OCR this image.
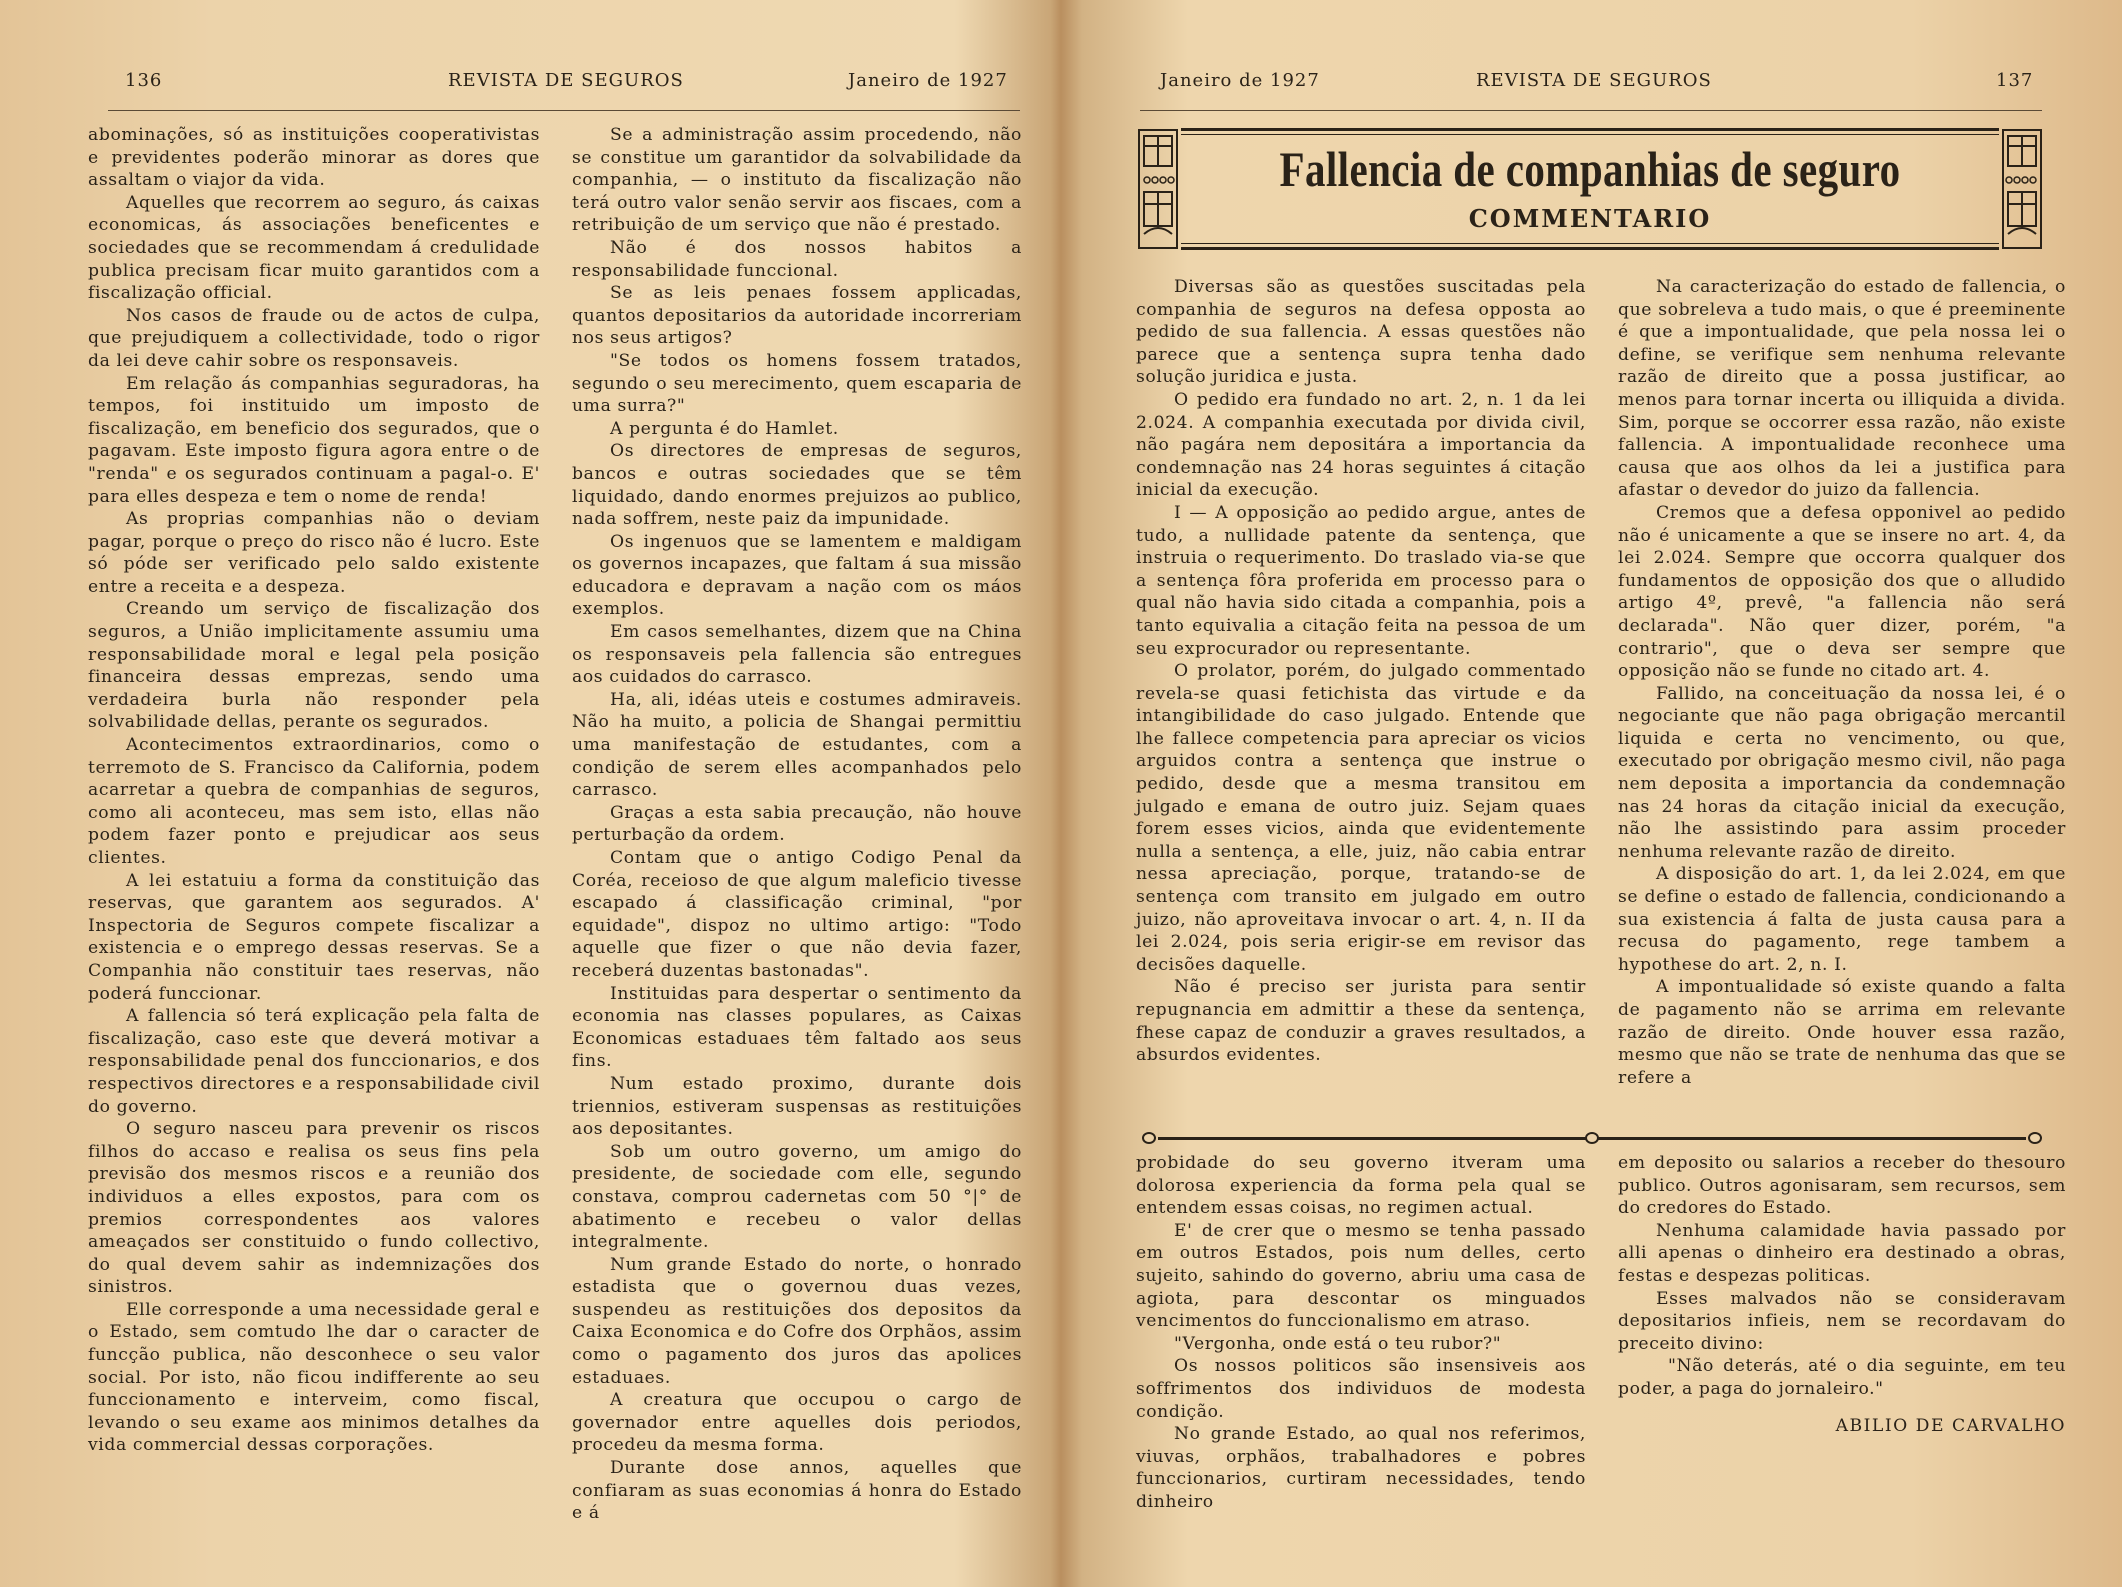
136	REVISTA DE SEGUROS	Janeiro de 1927

abominações, só as instituições cooperativistas e previdentes poderão minorar as dores que assaltam o viajor da vida.

Aquelles que recorrem ao seguro, ás caixas economicas, ás associações beneficentes e sociedades que se recommendam á credulidade publica precisam ficar muito garantidos com a fiscalização official.

Nos casos de fraude ou de actos de culpa, que prejudiquem a collectividade, todo o rigor da lei deve cahir sobre os responsaveis.

Em relação ás companhias seguradoras, ha tempos, foi instituido um imposto de fiscalização, em beneficio dos segurados, que o pagavam. Este imposto figura agora entre o de "renda" e os segurados continuam a pagal-o. E' para elles despeza e tem o nome de renda!

As proprias companhias não o deviam pagar, porque o preço do risco não é lucro. Este só póde ser verificado pelo saldo existente entre a receita e a despeza.

Creando um serviço de fiscalização dos seguros, a União implicitamente assumiu uma responsabilidade moral e legal pela posição financeira dessas emprezas, sendo uma verdadeira burla não responder pela solvabilidade dellas, perante os segurados.

Acontecimentos extraordinarios, como o terremoto de S. Francisco da California, podem acarretar a quebra de companhias de seguros, como ali aconteceu, mas sem isto, ellas não podem fazer ponto e prejudicar aos seus clientes.

A lei estatuiu a forma da constituição das reservas, que garantem aos segurados. A' Inspectoria de Seguros compete fiscalizar a existencia e o emprego dessas reservas. Se a Companhia não constituir taes reservas, não poderá funccionar.

A fallencia só terá explicação pela falta de fiscalização, caso este que deverá motivar a responsabilidade penal dos funccionarios, e dos respectivos directores e a responsabilidade civil do governo.

O seguro nasceu para prevenir os riscos filhos do accaso e realisa os seus fins pela previsão dos mesmos riscos e a reunião dos individuos a elles expostos, para com os premios correspondentes aos valores ameaçados ser constituido o fundo collectivo, do qual devem sahir as indemnizações dos sinistros.

Elle corresponde a uma necessidade geral e o Estado, sem comtudo lhe dar o caracter de funcção publica, não desconhece o seu valor social. Por isto, não ficou indifferente ao seu funccionamento e interveim, como fiscal, levando o seu exame aos minimos detalhes da vida commercial dessas corporações.

Se a administração assim procedendo, não se constitue um garantidor da solvabilidade da companhia, — o instituto da fiscalização não terá outro valor senão servir aos fiscaes, com a retribuição de um serviço que não é prestado.

Não é dos nossos habitos a responsabilidade funccional.

Se as leis penaes fossem applicadas, quantos depositarios da autoridade incorreriam nos seus artigos?

"Se todos os homens fossem tratados, segundo o seu merecimento, quem escaparia de uma surra?"

A pergunta é do Hamlet.

Os directores de empresas de seguros, bancos e outras sociedades que se têm liquidado, dando enormes prejuizos ao publico, nada soffrem, neste paiz da impunidade.

Os ingenuos que se lamentem e maldigam os governos incapazes, que faltam á sua missão educadora e depravam a nação com os máos exemplos.

Em casos semelhantes, dizem que na China os responsaveis pela fallencia são entregues aos cuidados do carrasco.

Ha, ali, idéas uteis e costumes admiraveis. Não ha muito, a policia de Shangai permittiu uma manifestação de estudantes, com a condição de serem elles acompanhados pelo carrasco.

Graças a esta sabia precaução, não houve perturbação da ordem.

Contam que o antigo Codigo Penal da Coréa, receioso de que algum maleficio tivesse escapado á classificação criminal, "por equidade", dispoz no ultimo artigo: "Todo aquelle que fizer o que não devia fazer, receberá duzentas bastonadas".

Instituidas para despertar o sentimento da economia nas classes populares, as Caixas Economicas estaduaes têm faltado aos seus fins.

Num estado proximo, durante dois triennios, estiveram suspensas as restituições aos depositantes.

Sob um outro governo, um amigo do presidente, de sociedade com elle, segundo constava, comprou cadernetas com 50 °|° de abatimento e recebeu o valor dellas integralmente.

Num grande Estado do norte, o honrado estadista que o governou duas vezes, suspendeu as restituições dos depositos da Caixa Economica e do Cofre dos Orphãos, assim como o pagamento dos juros das apolices estaduaes.

A creatura que occupou o cargo de governador entre aquelles dois periodos, procedeu da mesma forma.

Durante dose annos, aquelles que confiaram as suas economias á honra do Estado e á

Janeiro de 1927	REVISTA DE SEGUROS	137
Fallencia de companhias de seguro
COMMENTARIO

Diversas são as questões suscitadas pela companhia de seguros na defesa opposta ao pedido de sua fallencia. A essas questões não parece que a sentença supra tenha dado solução juridica e justa.

O pedido era fundado no art. 2, n. 1 da lei 2.024. A companhia executada por divida civil, não pagára nem depositára a importancia da condemnação nas 24 horas seguintes á citação inicial da execução.

I — A opposição ao pedido argue, antes de tudo, a nullidade patente da sentença, que instruia o requerimento. Do traslado via-se que a sentença fôra proferida em processo para o qual não havia sido citada a companhia, pois a tanto equivalia a citação feita na pessoa de um seu exprocurador ou representante.

O prolator, porém, do julgado commentado revela-se quasi fetichista das virtude e da intangibilidade do caso julgado. Entende que lhe fallece competencia para apreciar os vicios arguidos contra a sentença que instrue o pedido, desde que a mesma transitou em julgado e emana de outro juiz. Sejam quaes forem esses vicios, ainda que evidentemente nulla a sentença, a elle, juiz, não cabia entrar nessa apreciação, porque, tratando-se de sentença com transito em julgado em outro juizo, não aproveitava invocar o art. 4, n. II da lei 2.024, pois seria erigir-se em revisor das decisões daquelle.

Não é preciso ser jurista para sentir repugnancia em admittir a these da sentença, fhese capaz de conduzir a graves resultados, a absurdos evidentes.

Na caracterização do estado de fallencia, o que sobreleva a tudo mais, o que é preeminente é que a impontualidade, que pela nossa lei o define, se verifique sem nenhuma relevante razão de direito que a possa justificar, ao menos para tornar incerta ou illiquida a divida. Sim, porque se occorrer essa razão, não existe fallencia. A impontualidade reconhece uma causa que aos olhos da lei a justifica para afastar o devedor do juizo da fallencia.

Cremos que a defesa opponivel ao pedido não é unicamente a que se insere no art. 4, da lei 2.024. Sempre que occorra qualquer dos fundamentos de opposição dos que o alludido artigo 4º, prevê, "a fallencia não será declarada". Não quer dizer, porém, "a contrario", que o deva ser sempre que opposição não se funde no citado art. 4.

Fallido, na conceituação da nossa lei, é o negociante que não paga obrigação mercantil liquida e certa no vencimento, ou que, executado por obrigação mesmo civil, não paga nem deposita a importancia da condemnação nas 24 horas da citação inicial da execução, não lhe assistindo para assim proceder nenhuma relevante razão de direito.

A disposição do art. 1, da lei 2.024, em que se define o estado de fallencia, condicionando a sua existencia á falta de justa causa para a recusa do pagamento, rege tambem a hypothese do art. 2, n. I.

A impontualidade só existe quando a falta de pagamento não se arrima em relevante razão de direito. Onde houver essa razão, mesmo que não se trate de nenhuma das que se refere a

probidade do seu governo itveram uma dolorosa experiencia da forma pela qual se entendem essas coisas, no regimen actual.

E' de crer que o mesmo se tenha passado em outros Estados, pois num delles, certo sujeito, sahindo do governo, abriu uma casa de agiota, para descontar os minguados vencimentos do funccionalismo em atraso.

"Vergonha, onde está o teu rubor?"

Os nossos politicos são insensiveis aos soffrimentos dos individuos de modesta condição.

No grande Estado, ao qual nos referimos, viuvas, orphãos, trabalhadores e pobres funccionarios, curtiram necessidades, tendo dinheiro

em deposito ou salarios a receber do thesouro publico. Outros agonisaram, sem recursos, sem do credores do Estado.

Nenhuma calamidade havia passado por alli apenas o dinheiro era destinado a obras, festas e despezas politicas.

Esses malvados não se consideravam depositarios infieis, nem se recordavam do preceito divino:

"Não deterás, até o dia seguinte, em teu poder, a paga do jornaleiro."

ABILIO DE CARVALHO
